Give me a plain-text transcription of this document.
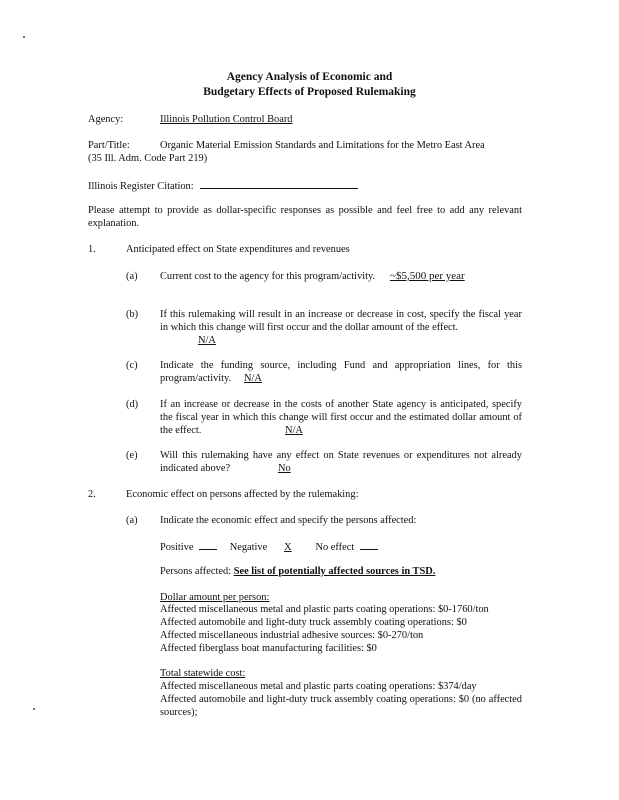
Agency Analysis of Economic and
Budgetary Effects of Proposed Rulemaking
Agency:	Illinois Pollution Control Board
Part/Title:	Organic Material Emission Standards and Limitations for the Metro East Area
(35 Ill. Adm. Code Part 219)
Illinois Register Citation:
Please attempt to provide as dollar-specific responses as possible and feel free to add any relevant explanation.
1.	Anticipated effect on State expenditures and revenues
(a) Current cost to the agency for this program/activity. ~$5,500 per year
(b) If this rulemaking will result in an increase or decrease in cost, specify the fiscal year in which this change will first occur and the dollar amount of the effect.
N/A
(c) Indicate the funding source, including Fund and appropriation lines, for this program/activity.	N/A
(d) If an increase or decrease in the costs of another State agency is anticipated, specify the fiscal year in which this change will first occur and the estimated dollar amount of the effect.	N/A
(e) Will this rulemaking have any effect on State revenues or expenditures not already indicated above?	No
2.	Economic effect on persons affected by the rulemaking:
(a) Indicate the economic effect and specify the persons affected:
Positive	Negative X No effect
Persons affected: See list of potentially affected sources in TSD.
Dollar amount per person:
Affected miscellaneous metal and plastic parts coating operations: $0-1760/ton
Affected automobile and light-duty truck assembly coating operations: $0
Affected miscellaneous industrial adhesive sources: $0-270/ton
Affected fiberglass boat manufacturing facilities: $0
Total statewide cost:
Affected miscellaneous metal and plastic parts coating operations: $374/day
Affected automobile and light-duty truck assembly coating operations: $0 (no affected sources);
